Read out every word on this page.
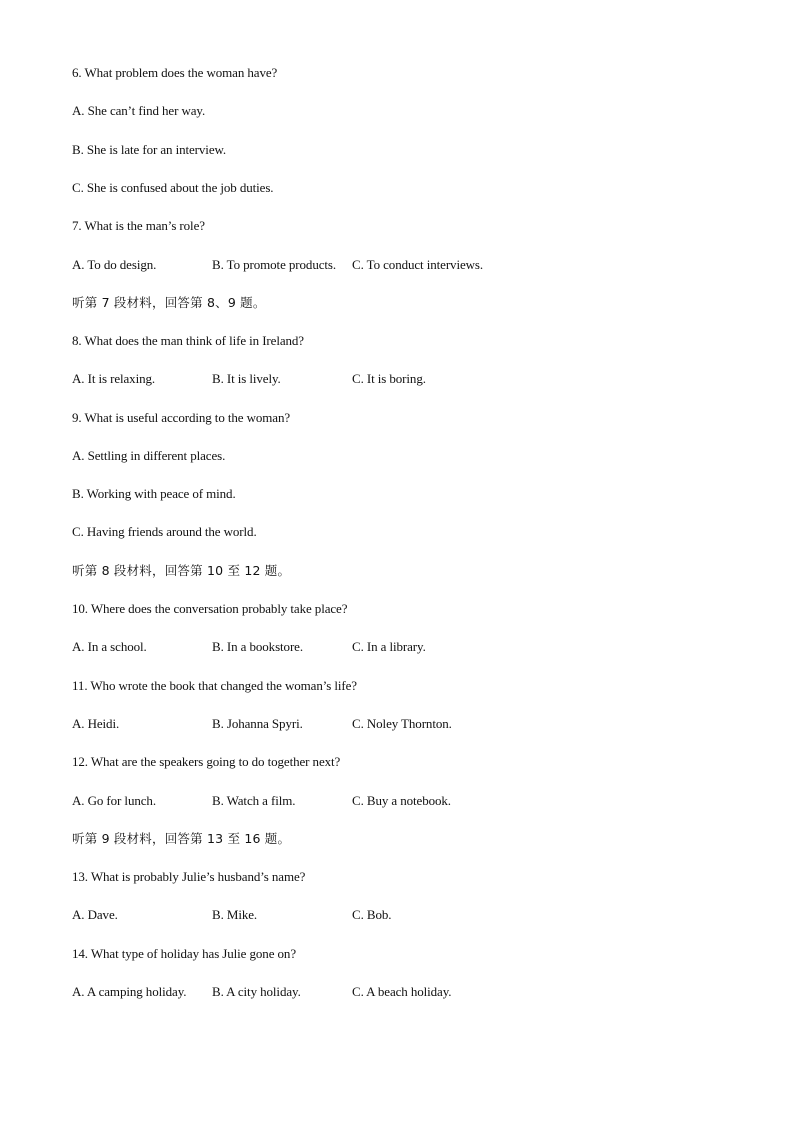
6. What problem does the woman have?
A. She can’t find her way.
B. She is late for an interview.
C. She is confused about the job duties.
7. What is the man’s role?
A. To do design.	B. To promote products. C. To conduct interviews.
听第 7 段材料，回答第 8、9 题。
8. What does the man think of life in Ireland?
A. It is relaxing.	B. It is lively.	C. It is boring.
9. What is useful according to the woman?
A. Settling in different places.
B. Working with peace of mind.
C. Having friends around the world.
听第 8 段材料，回答第 10 至 12 题。
10. Where does the conversation probably take place?
A. In a school.	B. In a bookstore.	C. In a library.
11. Who wrote the book that changed the woman’s life?
A. Heidi.	B. Johanna Spyri.	C. Noley Thornton.
12. What are the speakers going to do together next?
A. Go for lunch.	B. Watch a film.	C. Buy a notebook.
听第 9 段材料，回答第 13 至 16 题。
13. What is probably Julie’s husband’s name?
A. Dave.	B. Mike.	C. Bob.
14. What type of holiday has Julie gone on?
A. A camping holiday. B. A city holiday.	C. A beach holiday.
